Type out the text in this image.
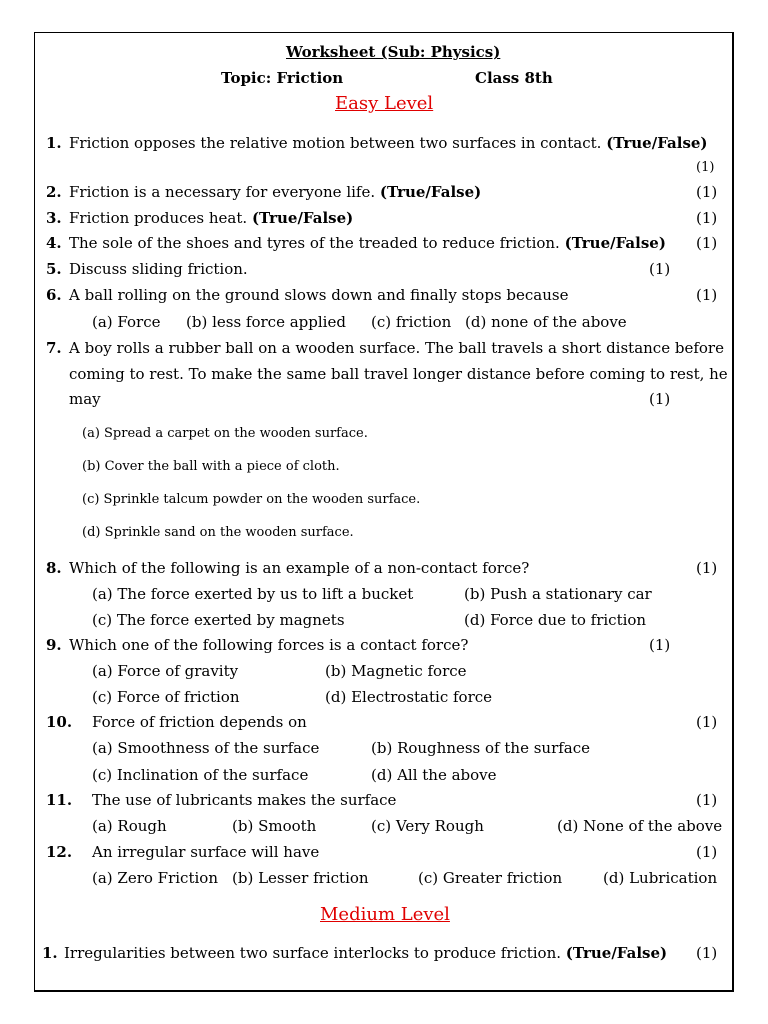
Worksheet (Sub: Physics)
Topic: Friction	Class 8th
Easy Level
1. Friction opposes the relative motion between two surfaces in contact. (True/False)
(1)
2. Friction is a necessary for everyone life. (True/False)	(1)
3. Friction produces heat. (True/False)	(1)
4. The sole of the shoes and tyres of the treaded to reduce friction. (True/False) (1)
5. Discuss sliding friction.	(1)
6. A ball rolling on the ground slows down and finally stops because	(1)
(a) Force (b) less force applied (c) friction (d) none of the above
7. A boy rolls a rubber ball on a wooden surface. The ball travels a short distance before
coming to rest. To make the same ball travel longer distance before coming to rest, he
may	(1)
(a) Spread a carpet on the wooden surface.
(b) Cover the ball with a piece of cloth.
(c) Sprinkle talcum powder on the wooden surface.
(d) Sprinkle sand on the wooden surface.
8. Which of the following is an example of a non-contact force?	(1)
(a) The force exerted by us to lift a bucket	(b) Push a stationary car
(c) The force exerted by magnets	(d) Force due to friction
9. Which one of the following forces is a contact force?	(1)
(a) Force of gravity	(b) Magnetic force
(c) Force of friction	(d) Electrostatic force
10. Force of friction depends on	(1)
(a) Smoothness of the surface	(b) Roughness of the surface
(c) Inclination of the surface	(d) All the above
11. The use of lubricants makes the surface	(1)
(a) Rough	(b) Smooth	(c) Very Rough	(d) None of the above
12. An irregular surface will have	(1)
(a) Zero Friction (b) Lesser friction	(c) Greater friction	(d) Lubrication
Medium Level
1. Irregularities between two surface interlocks to produce friction. (True/False) (1)
